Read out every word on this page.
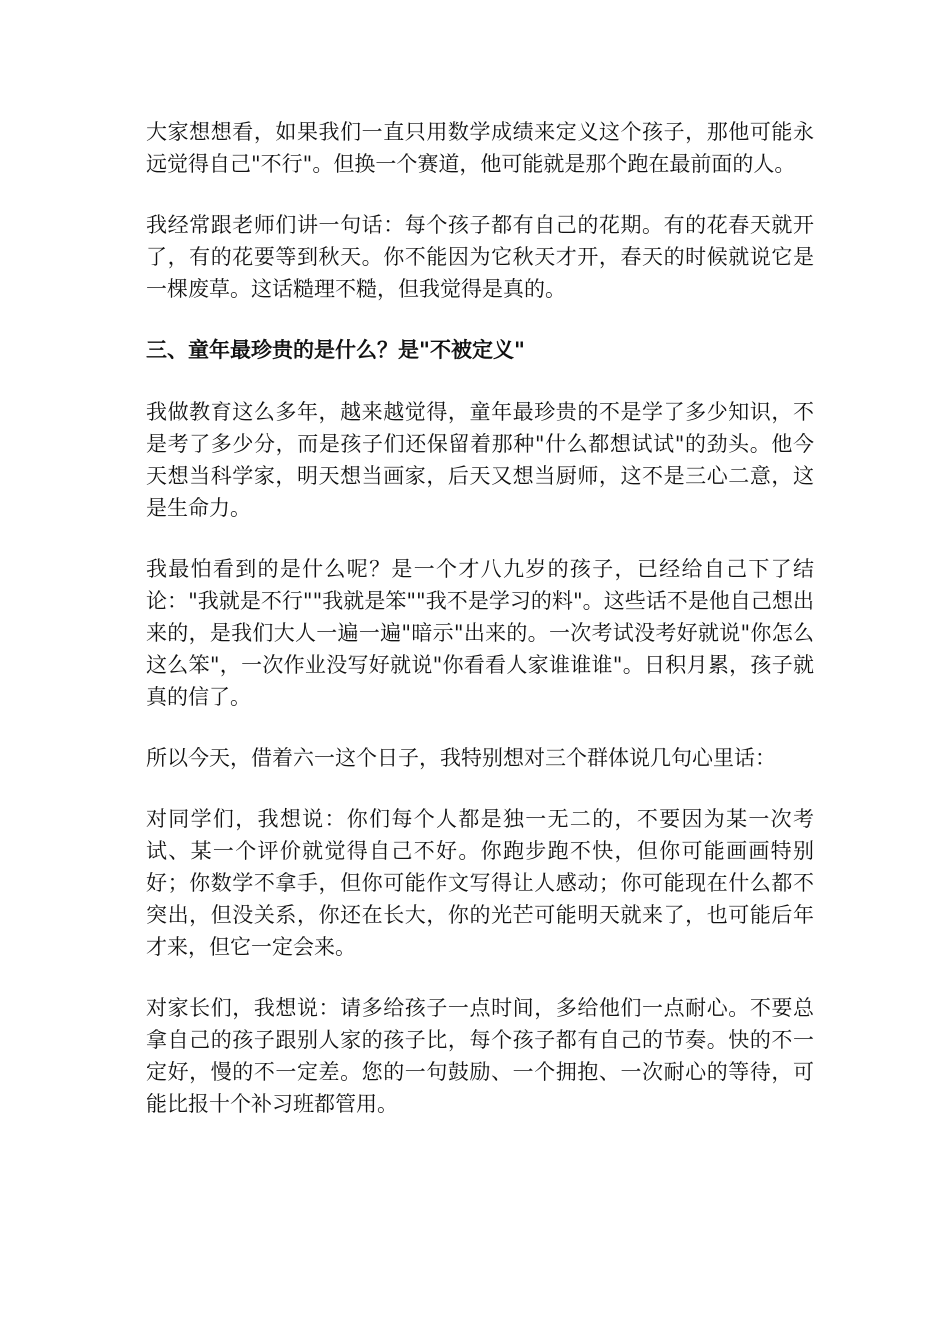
大家想想看，如果我们一直只用数学成绩来定义这个孩子，那他可能永远觉得自己"不行"。但换一个赛道，他可能就是那个跑在最前面的人。

我经常跟老师们讲一句话：每个孩子都有自己的花期。有的花春天就开了，有的花要等到秋天。你不能因为它秋天才开，春天的时候就说它是一棵废草。这话糙理不糙，但我觉得是真的。

三、童年最珍贵的是什么？是"不被定义"

我做教育这么多年，越来越觉得，童年最珍贵的不是学了多少知识，不是考了多少分，而是孩子们还保留着那种"什么都想试试"的劲头。他今天想当科学家，明天想当画家，后天又想当厨师，这不是三心二意，这是生命力。

我最怕看到的是什么呢？是一个才八九岁的孩子，已经给自己下了结论："我就是不行""我就是笨""我不是学习的料"。这些话不是他自己想出来的，是我们大人一遍一遍"暗示"出来的。一次考试没考好就说"你怎么这么笨"，一次作业没写好就说"你看看人家谁谁谁"。日积月累，孩子就真的信了。

所以今天，借着六一这个日子，我特别想对三个群体说几句心里话：

对同学们，我想说：你们每个人都是独一无二的，不要因为某一次考试、某一个评价就觉得自己不好。你跑步跑不快，但你可能画画特别好；你数学不拿手，但你可能作文写得让人感动；你可能现在什么都不突出，但没关系，你还在长大，你的光芒可能明天就来了，也可能后年才来，但它一定会来。

对家长们，我想说：请多给孩子一点时间，多给他们一点耐心。不要总拿自己的孩子跟别人家的孩子比，每个孩子都有自己的节奏。快的不一定好，慢的不一定差。您的一句鼓励、一个拥抱、一次耐心的等待，可能比报十个补习班都管用。
